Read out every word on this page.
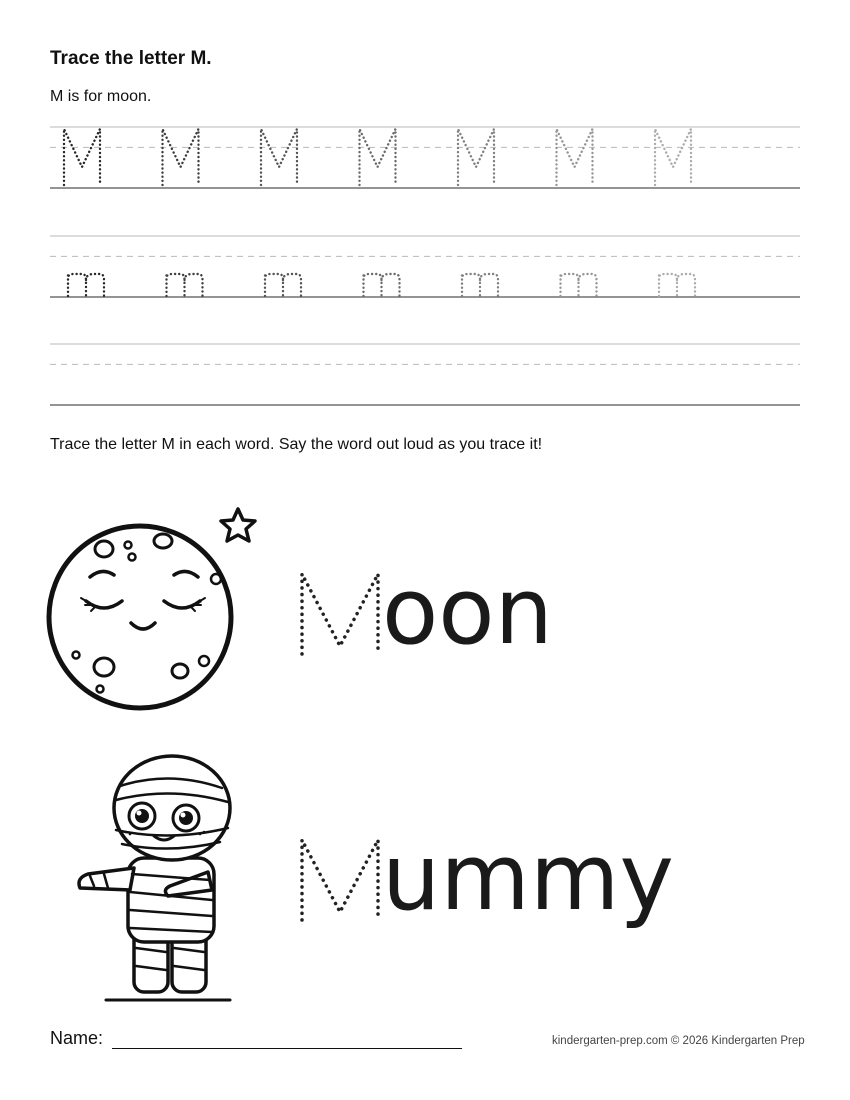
Trace the letter M.
M is for moon.
Trace the letter M in each word. Say the word out loud as you trace it!
oon
ummy
Name:	kindergarten-prep.com © 2026 Kindergarten Prep
